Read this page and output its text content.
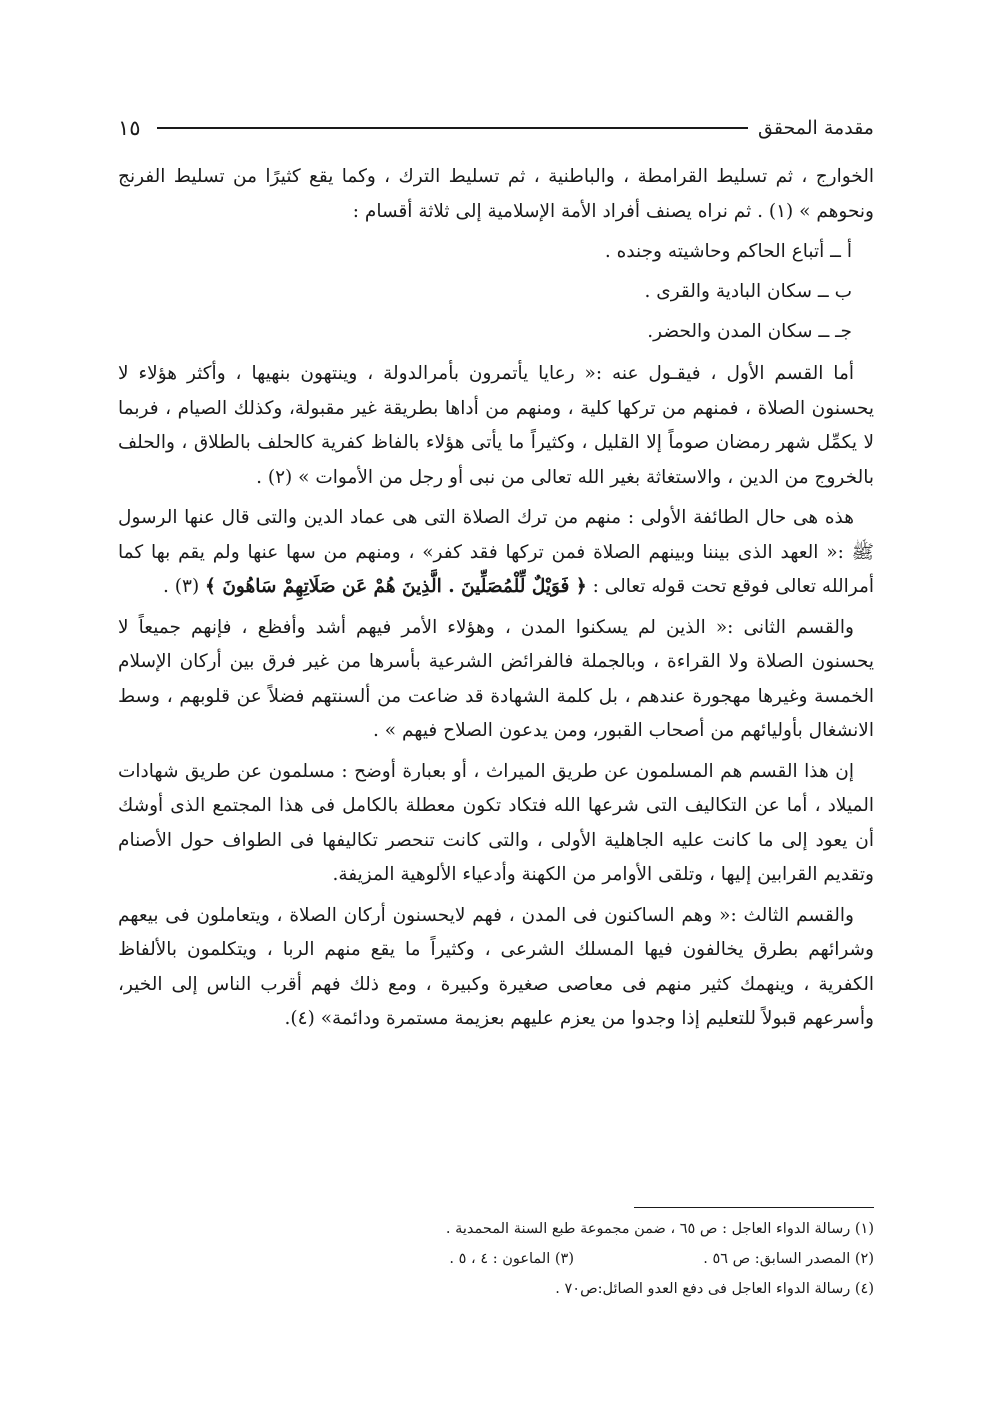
مقدمة المحقق
١٥

الخوارج ، ثم تسليط القرامطة ، والباطنية ، ثم تسليط الترك ، وكما يقع كثيرًا من تسليط الفرنج ونحوهم » (١) . ثم نراه يصنف أفراد الأمة الإسلامية إلى ثلاثة أقسام :

أ ــ أتباع الحاكم وحاشيته وجنده .
ب ــ سكان البادية والقرى .
جـ ــ سكان المدن والحضر.

أما القسم الأول ، فيقـول عنه :« رعايا يأتمرون بأمرالدولة ، وينتهون بنهيها ، وأكثر هؤلاء لا يحسنون الصلاة ، فمنهم من تركها كلية ، ومنهم من أداها بطريقة غير مقبولة، وكذلك الصيام ، فربما لا يكمِّل شهر رمضان صوماً إلا القليل ، وكثيراً ما يأتى هؤلاء بالفاظ كفرية كالحلف بالطلاق ، والحلف بالخروج من الدين ، والاستغاثة بغير الله تعالى من نبى أو رجل من الأموات » (٢) .

هذه هى حال الطائفة الأولى : منهم من ترك الصلاة التى هى عماد الدين والتى قال عنها الرسول ﷺ :« العهد الذى بيننا وبينهم الصلاة فمن تركها فقد كفر» ، ومنهم من سها عنها ولم يقم بها كما أمرالله تعالى فوقع تحت قوله تعالى : ﴿ فَوَيْلٌ لِّلْمُصَلِّينَ . الَّذِينَ هُمْ عَن صَلَاتِهِمْ سَاهُونَ ﴾ (٣) .

والقسم الثانى :« الذين لم يسكنوا المدن ، وهؤلاء الأمر فيهم أشد وأفظع ، فإنهم جميعاً لا يحسنون الصلاة ولا القراءة ، وبالجملة فالفرائض الشرعية بأسرها من غير فرق بين أركان الإسلام الخمسة وغيرها مهجورة عندهم ، بل كلمة الشهادة قد ضاعت من ألسنتهم فضلاً عن قلوبهم ، وسط الانشغال بأوليائهم من أصحاب القبور، ومن يدعون الصلاح فيهم » .

إن هذا القسم هم المسلمون عن طريق الميراث ، أو بعبارة أوضح : مسلمون عن طريق شهادات الميلاد ، أما عن التكاليف التى شرعها الله فتكاد تكون معطلة بالكامل فى هذا المجتمع الذى أوشك أن يعود إلى ما كانت عليه الجاهلية الأولى ، والتى كانت تنحصر تكاليفها فى الطواف حول الأصنام وتقديم القرابين إليها ، وتلقى الأوامر من الكهنة وأدعياء الألوهية المزيفة.

والقسم الثالث :« وهم الساكنون فى المدن ، فهم لايحسنون أركان الصلاة ، ويتعاملون فى بيعهم وشرائهم بطرق يخالفون فيها المسلك الشرعى ، وكثيراً ما يقع منهم الربا ، ويتكلمون بالألفاظ الكفرية ، وينهمك كثير منهم فى معاصى صغيرة وكبيرة ، ومع ذلك فهم أقرب الناس إلى الخير، وأسرعهم قبولاً للتعليم إذا وجدوا من يعزم عليهم بعزيمة مستمرة ودائمة» (٤).

(١) رسالة الدواء العاجل : ص ٦٥ ، ضمن مجموعة طبع السنة المحمدية .
(٢) المصدر السابق: ص ٥٦ .
(٣) الماعون : ٤ ، ٥ .
(٤) رسالة الدواء العاجل فى دفع العدو الصائل:ص٧٠ .
